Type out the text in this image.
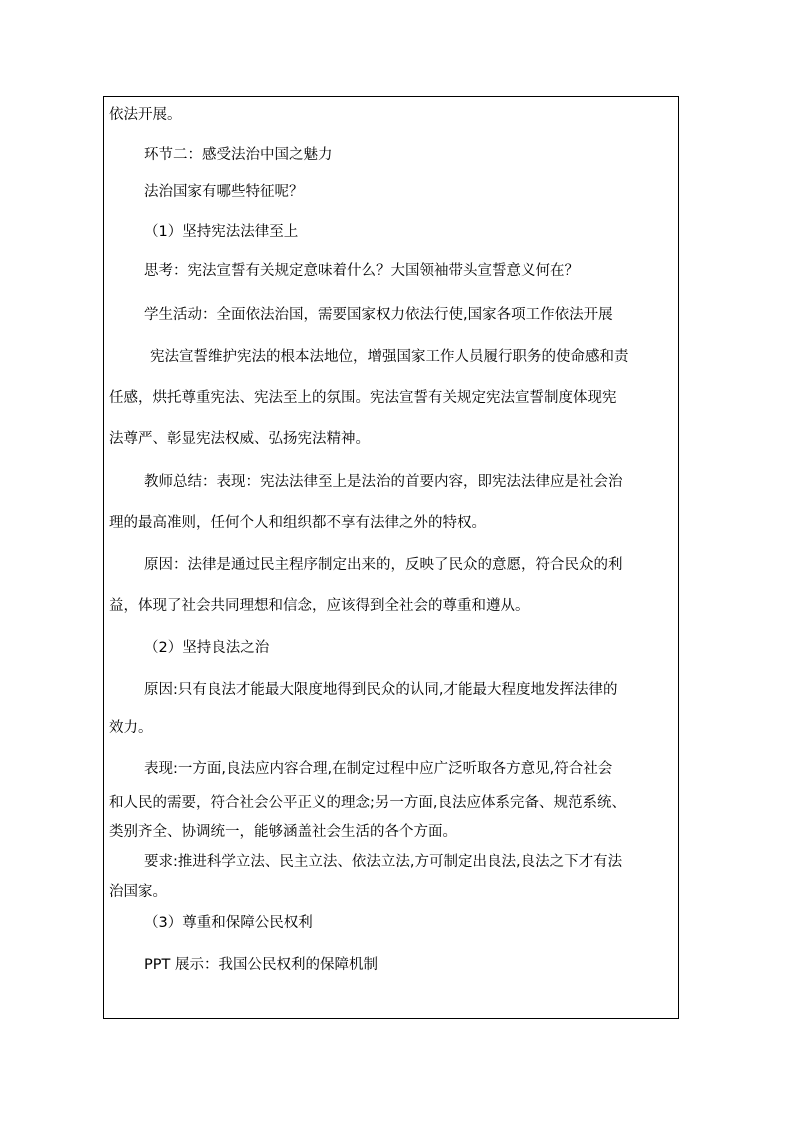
依法开展。
环节二：感受法治中国之魅力
法治国家有哪些特征呢？
（1）坚持宪法法律至上
思考：宪法宣誓有关规定意味着什么？大国领袖带头宣誓意义何在？
学生活动：全面依法治国，需要国家权力依法行使,国家各项工作依法开展
宪法宣誓维护宪法的根本法地位，增强国家工作人员履行职务的使命感和责
任感，烘托尊重宪法、宪法至上的氛围。宪法宣誓有关规定宪法宣誓制度体现宪
法尊严、彰显宪法权威、弘扬宪法精神。
教师总结：表现：宪法法律至上是法治的首要内容，即宪法法律应是社会治
理的最高准则，任何个人和组织都不享有法律之外的特权。
原因：法律是通过民主程序制定出来的，反映了民众的意愿，符合民众的利
益，体现了社会共同理想和信念，应该得到全社会的尊重和遵从。
（2）坚持良法之治
原因:只有良法才能最大限度地得到民众的认同,才能最大程度地发挥法律的
效力。
表现:一方面,良法应内容合理,在制定过程中应广泛听取各方意见,符合社会
和人民的需要，符合社会公平正义的理念;另一方面,良法应体系完备、规范系统、
类别齐全、协调统一，能够涵盖社会生活的各个方面。
要求:推进科学立法、民主立法、依法立法,方可制定出良法,良法之下才有法
治国家。
（3）尊重和保障公民权利
PPT 展示：我国公民权利的保障机制
